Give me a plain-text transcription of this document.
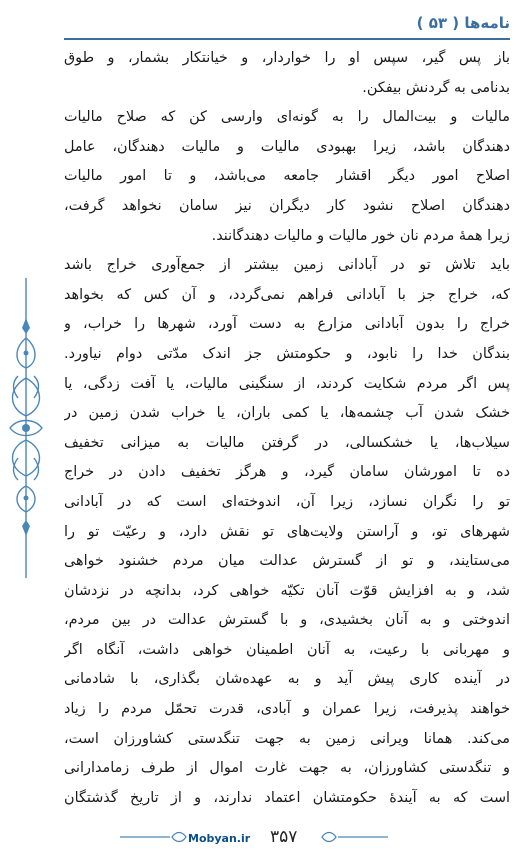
نامه‌ها ( ۵۳ )
باز پس گیر، سپس او را خواردار، و خیانتکار بشمار، و طوق
بدنامی به گردنش بیفکن.
مالیات و بیت‌المال را به گونه‌ای وارسی کن که صلاح مالیات
دهندگان باشد، زیرا بهبودی مالیات و مالیات دهندگان، عامل
اصلاح امور دیگر اقشار جامعه می‌باشد، و تا امور مالیات
دهندگان اصلاح نشود کار دیگران نیز سامان نخواهد گرفت،
زیرا همهٔ مردم نان خور مالیات و مالیات دهندگانند.
باید تلاش تو در آبادانی زمین بیشتر از جمع‌آوری خراج باشد
که، خراج جز با آبادانی فراهم نمی‌گردد، و آن کس که بخواهد
خراج را بدون آبادانی مزارع به دست آورد، شهرها را خراب، و
بندگان خدا را نابود، و حکومتش جز اندک مدّتی دوام نیاورد.
پس اگر مردم شکایت کردند، از سنگینی مالیات، یا آفت زدگی، یا
خشک شدن آب چشمه‌ها، یا کمی باران، یا خراب شدن زمین در
سیلاب‌ها، یا خشکسالی، در گرفتن مالیات به میزانی تخفیف
ده تا امورشان سامان گیرد، و هرگز تخفیف دادن در خراج
تو را نگران نسازد، زیرا آن، اندوخته‌ای است که در آبادانی
شهرهای تو، و آراستن ولایت‌های تو نقش دارد، و رعیّت تو را
می‌ستایند، و تو از گسترش عدالت میان مردم خشنود خواهی
شد، و به افزایش قوّت آنان تکیّه خواهی کرد، بدانچه در نزدشان
اندوختی و به آنان بخشیدی، و با گسترش عدالت در بین مردم،
و مهربانی با رعیت، به آنان اطمینان خواهی داشت، آنگاه اگر
در آینده کاری پیش آید و به عهده‌شان بگذاری، با شادمانی
خواهند پذیرفت، زیرا عمران و آبادی، قدرت تحمّل مردم را زیاد
می‌کند. همانا ویرانی زمین به جهت تنگدستی کشاورزان است،
و تنگدستی کشاورزان، به جهت غارت اموال از طرف زمامدارانی
است که به آیندهٔ حکومتشان اعتماد ندارند، و از تاریخ گذشتگان
Mobyan.ir ۳۵۷
